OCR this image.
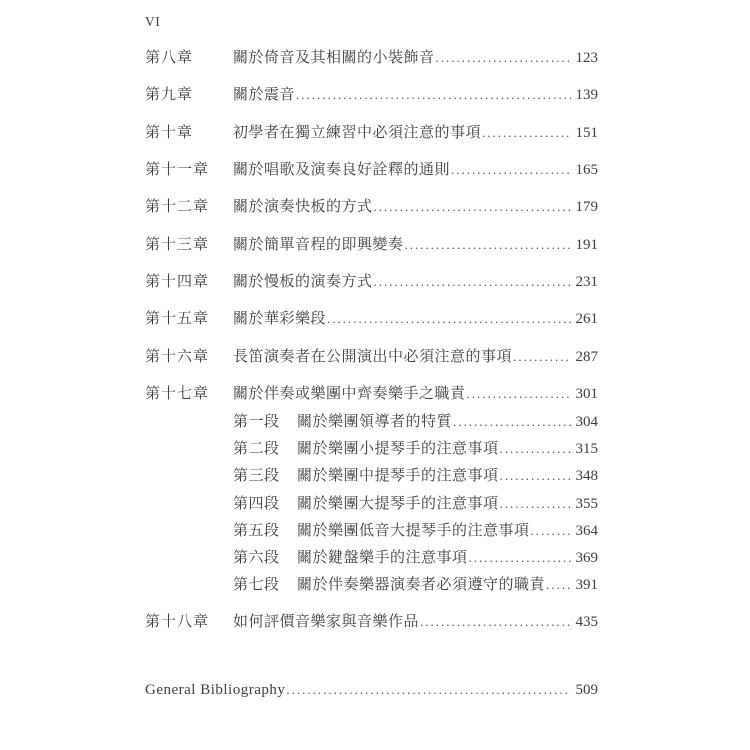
VI
第八章	關於倚音及其相關的小裝飾音 .....	123
第九章	關於震音 .....	139
第十章	初學者在獨立練習中必須注意的事項 .....	151
第十一章	關於唱歌及演奏良好詮釋的通則 .....	165
第十二章	關於演奏快板的方式 .....	179
第十三章	關於簡單音程的即興變奏 .....	191
第十四章	關於慢板的演奏方式 .....	231
第十五章	關於華彩樂段 .....	261
第十六章	長笛演奏者在公開演出中必須注意的事項 .....	287
第十七章	關於伴奏或樂團中齊奏樂手之職責 .....	301
第一段	關於樂團領導者的特質 .....	304
第二段	關於樂團小提琴手的注意事項 .....	315
第三段	關於樂團中提琴手的注意事項 .....	348
第四段	關於樂團大提琴手的注意事項 .....	355
第五段	關於樂團低音大提琴手的注意事項 .....	364
第六段	關於鍵盤樂手的注意事項 .....	369
第七段	關於伴奏樂器演奏者必須遵守的職責 ..... 391
第十八章	如何評價音樂家與音樂作品 .....	435
General Bibliography .....	509
